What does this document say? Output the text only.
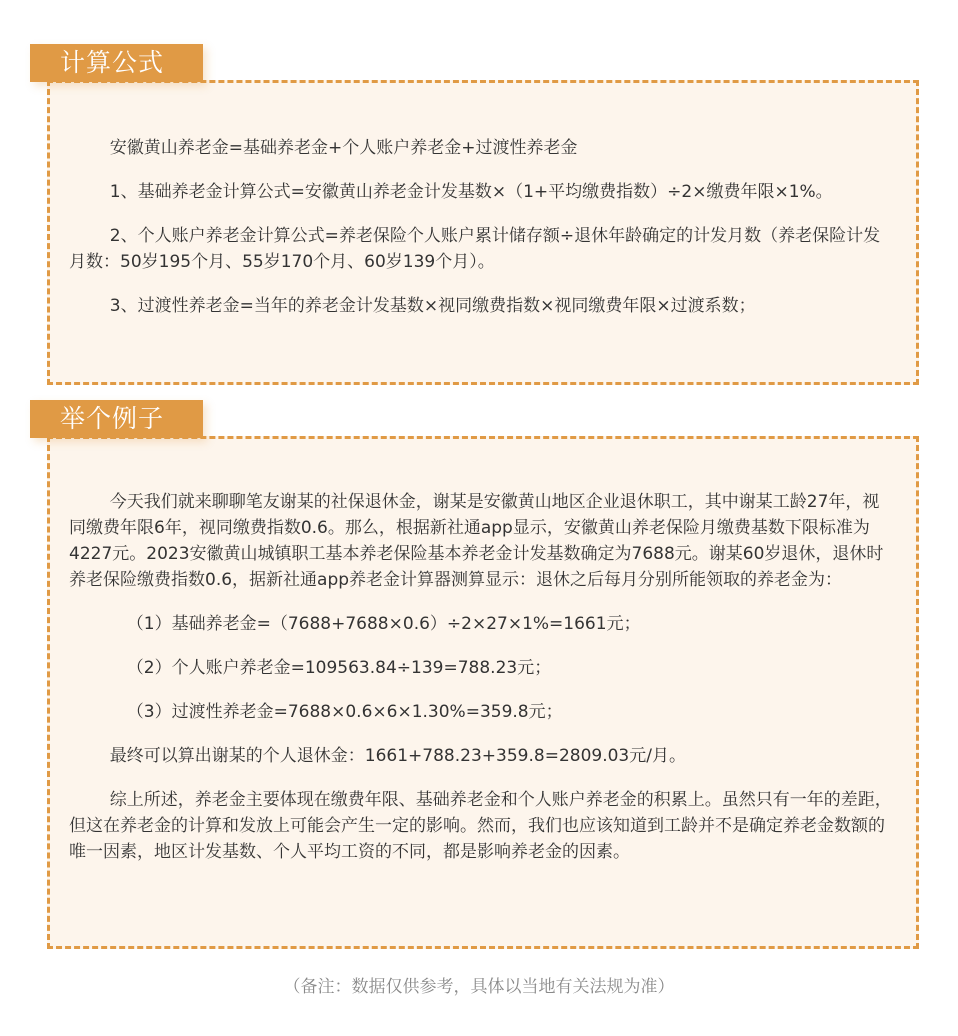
计算公式

安徽黄山养老金=基础养老金+个人账户养老金+过渡性养老金

1、基础养老金计算公式=安徽黄山养老金计发基数×（1+平均缴费指数）÷2×缴费年限×1%。

2、个人账户养老金计算公式=养老保险个人账户累计储存额÷退休年龄确定的计发月数（养老保险计发月数：50岁195个月、55岁170个月、60岁139个月）。

3、过渡性养老金=当年的养老金计发基数×视同缴费指数×视同缴费年限×过渡系数；

举个例子

今天我们就来聊聊笔友谢某的社保退休金，谢某是安徽黄山地区企业退休职工，其中谢某工龄27年，视同缴费年限6年，视同缴费指数0.6。那么，根据新社通app显示，安徽黄山养老保险月缴费基数下限标准为4227元。2023安徽黄山城镇职工基本养老保险基本养老金计发基数确定为7688元。谢某60岁退休，退休时养老保险缴费指数0.6，据新社通app养老金计算器测算显示：退休之后每月分别所能领取的养老金为：

（1）基础养老金=（7688+7688×0.6）÷2×27×1%=1661元；

（2）个人账户养老金=109563.84÷139=788.23元；

（3）过渡性养老金=7688×0.6×6×1.30%=359.8元；

最终可以算出谢某的个人退休金：1661+788.23+359.8=2809.03元/月。

综上所述，养老金主要体现在缴费年限、基础养老金和个人账户养老金的积累上。虽然只有一年的差距，但这在养老金的计算和发放上可能会产生一定的影响。然而，我们也应该知道到工龄并不是确定养老金数额的唯一因素，地区计发基数、个人平均工资的不同，都是影响养老金的因素。

（备注：数据仅供参考，具体以当地有关法规为准）
